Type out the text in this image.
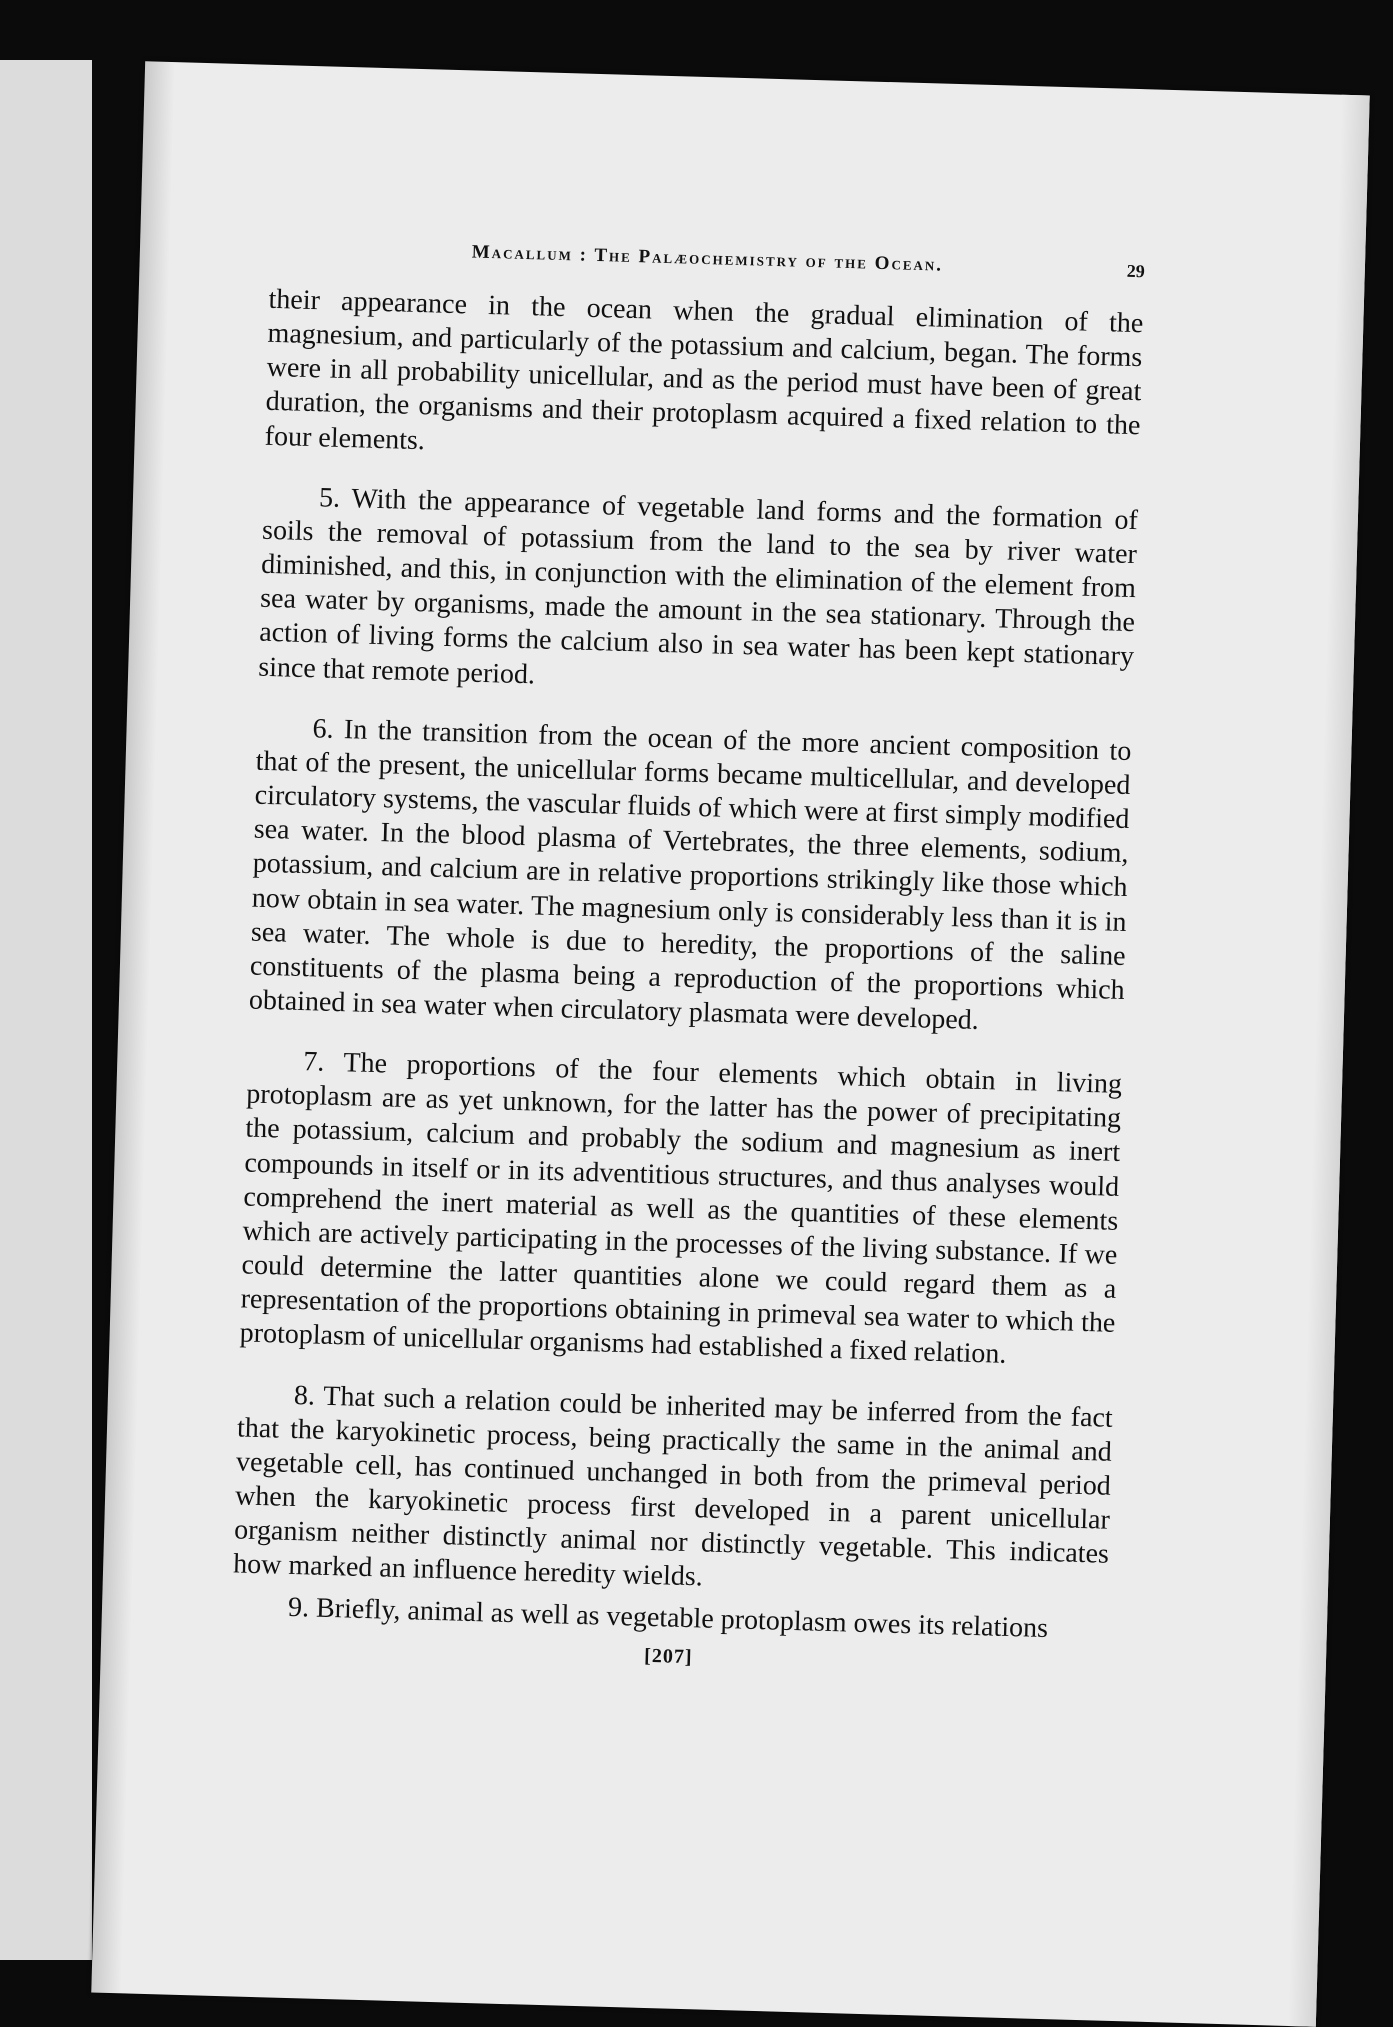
Macallum : The Palæochemistry of the Ocean.	29

their appearance in the ocean when the gradual elimination of the magnesium, and particularly of the potassium and calcium, began. The forms were in all probability unicellular, and as the period must have been of great duration, the organisms and their protoplasm acquired a fixed relation to the four elements.

5. With the appearance of vegetable land forms and the formation of soils the removal of potassium from the land to the sea by river water diminished, and this, in conjunction with the elimination of the element from sea water by organisms, made the amount in the sea stationary. Through the action of living forms the calcium also in sea water has been kept stationary since that remote period.

6. In the transition from the ocean of the more ancient composition to that of the present, the unicellular forms became multicellular, and developed circulatory systems, the vascular fluids of which were at first simply modified sea water. In the blood plasma of Vertebrates, the three elements, sodium, potassium, and calcium are in relative proportions strikingly like those which now obtain in sea water. The magnesium only is considerably less than it is in sea water. The whole is due to heredity, the proportions of the saline constituents of the plasma being a reproduction of the proportions which obtained in sea water when circulatory plasmata were developed.

7. The proportions of the four elements which obtain in living protoplasm are as yet unknown, for the latter has the power of precipitating the potassium, calcium and probably the sodium and magnesium as inert compounds in itself or in its adventitious structures, and thus analyses would comprehend the inert material as well as the quantities of these elements which are actively participating in the processes of the living substance. If we could determine the latter quantities alone we could regard them as a representation of the proportions obtaining in primeval sea water to which the protoplasm of unicellular organisms had established a fixed relation.

8. That such a relation could be inherited may be inferred from the fact that the karyokinetic process, being practically the same in the animal and vegetable cell, has continued unchanged in both from the primeval period when the karyokinetic process first developed in a parent unicellular organism neither distinctly animal nor distinctly vegetable. This indicates how marked an influence heredity wields.

9. Briefly, animal as well as vegetable protoplasm owes its relations

[207]
